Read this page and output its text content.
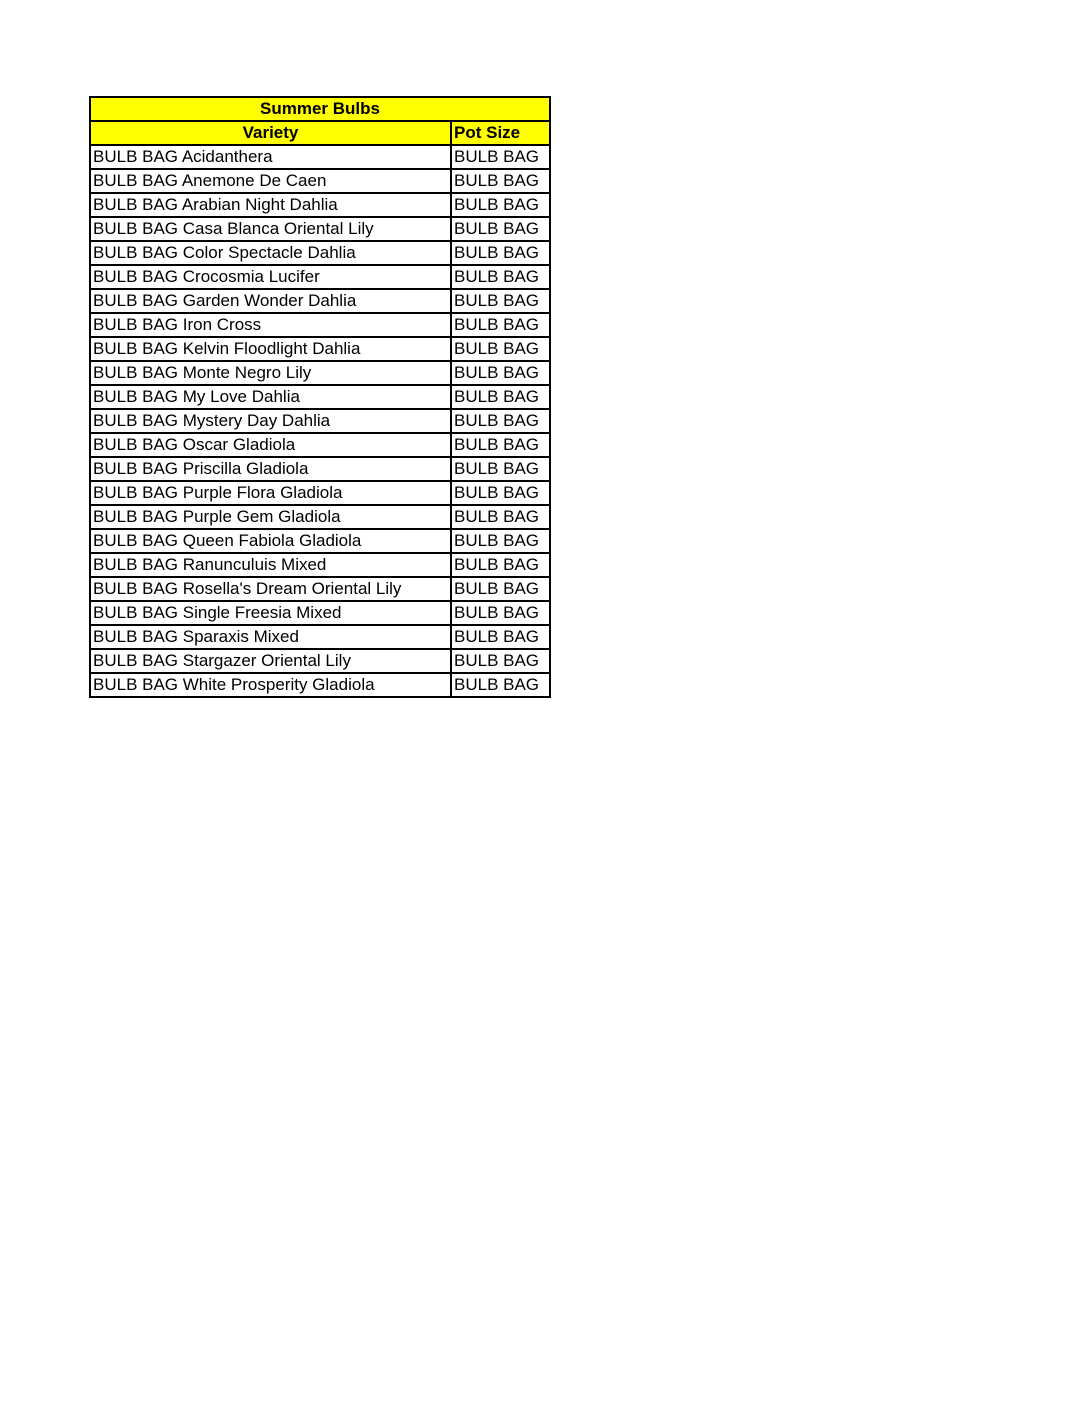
Summer Bulbs	
Variety	Pot Size
BULB BAG Acidanthera	BULB BAG
BULB BAG Anemone De Caen	BULB BAG
BULB BAG Arabian Night Dahlia	BULB BAG
BULB BAG Casa Blanca Oriental Lily	BULB BAG
BULB BAG Color Spectacle Dahlia	BULB BAG
BULB BAG Crocosmia Lucifer	BULB BAG
BULB BAG Garden Wonder Dahlia	BULB BAG
BULB BAG Iron Cross	BULB BAG
BULB BAG Kelvin Floodlight Dahlia	BULB BAG
BULB BAG Monte Negro Lily	BULB BAG
BULB BAG My Love Dahlia	BULB BAG
BULB BAG Mystery Day Dahlia	BULB BAG
BULB BAG Oscar Gladiola	BULB BAG
BULB BAG Priscilla Gladiola	BULB BAG
BULB BAG Purple Flora Gladiola	BULB BAG
BULB BAG Purple Gem Gladiola	BULB BAG
BULB BAG Queen Fabiola Gladiola	BULB BAG
BULB BAG Ranunculuis Mixed	BULB BAG
BULB BAG Rosella's Dream Oriental Lily	BULB BAG
BULB BAG Single Freesia Mixed	BULB BAG
BULB BAG Sparaxis Mixed	BULB BAG
BULB BAG Stargazer Oriental Lily	BULB BAG
BULB BAG White Prosperity Gladiola	BULB BAG
